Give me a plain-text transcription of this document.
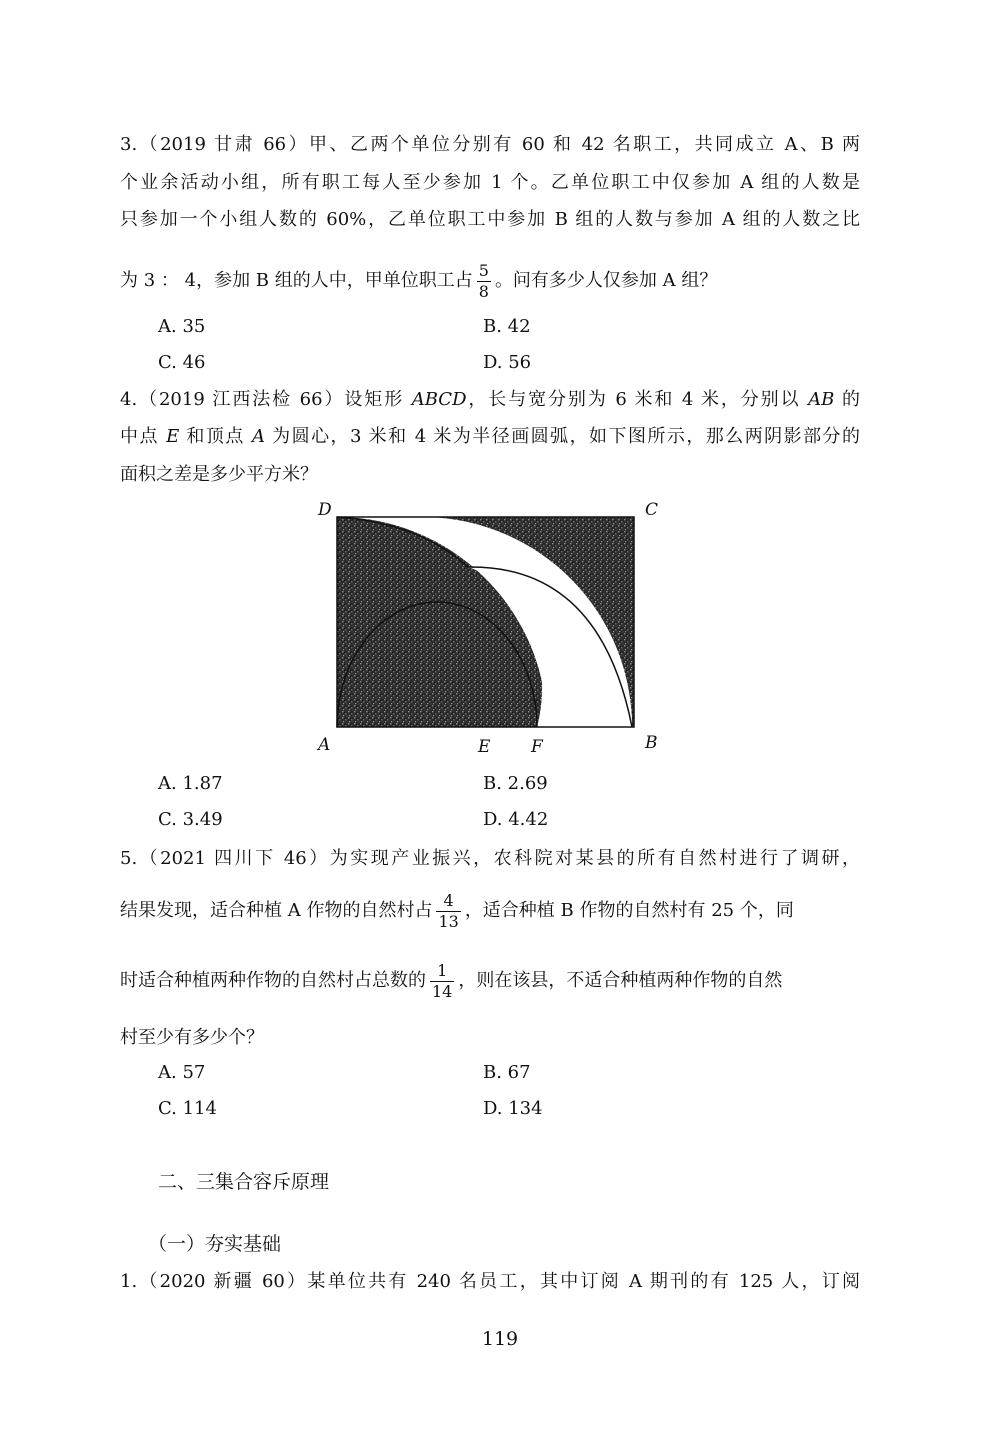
3.（2019 甘肃 66）甲、乙两个单位分别有 60 和 42 名职工，共同成立 A、B 两
个业余活动小组，所有职工每人至少参加 1 个。乙单位职工中仅参加 A 组的人数是
只参加一个小组人数的 60%，乙单位职工中参加 B 组的人数与参加 A 组的人数之比
为 3 ： 4，参加 B 组的人中，甲单位职工占 $\frac{5}{8}$ 。问有多少人仅参加 A 组？
A. 35	B. 42
C. 46	D. 56
4.（2019 江西法检 66）设矩形 ABCD，长与宽分别为 6 米和 4 米，分别以 AB 的
中点 E 和顶点 A 为圆心，3 米和 4 米为半径画圆弧，如下图所示，那么两阴影部分的
面积之差是多少平方米？
D	C
A	E F	B
A. 1.87	B. 2.69
C. 3.49	D. 4.42
5.（2021 四川下 46）为实现产业振兴，农科院对某县的所有自然村进行了调研，
结果发现，适合种植 A 作物的自然村占 $\frac{4}{13}$ ，适合种植 B 作物的自然村有 25 个，同
时适合种植两种作物的自然村占总数的 $\frac{1}{14}$ ，则在该县，不适合种植两种作物的自然
村至少有多少个？
A. 57	B. 67
C. 114	D. 134
二、三集合容斥原理
（一）夯实基础
1.（2020 新疆 60）某单位共有 240 名员工，其中订阅 A 期刊的有 125 人，订阅
119
